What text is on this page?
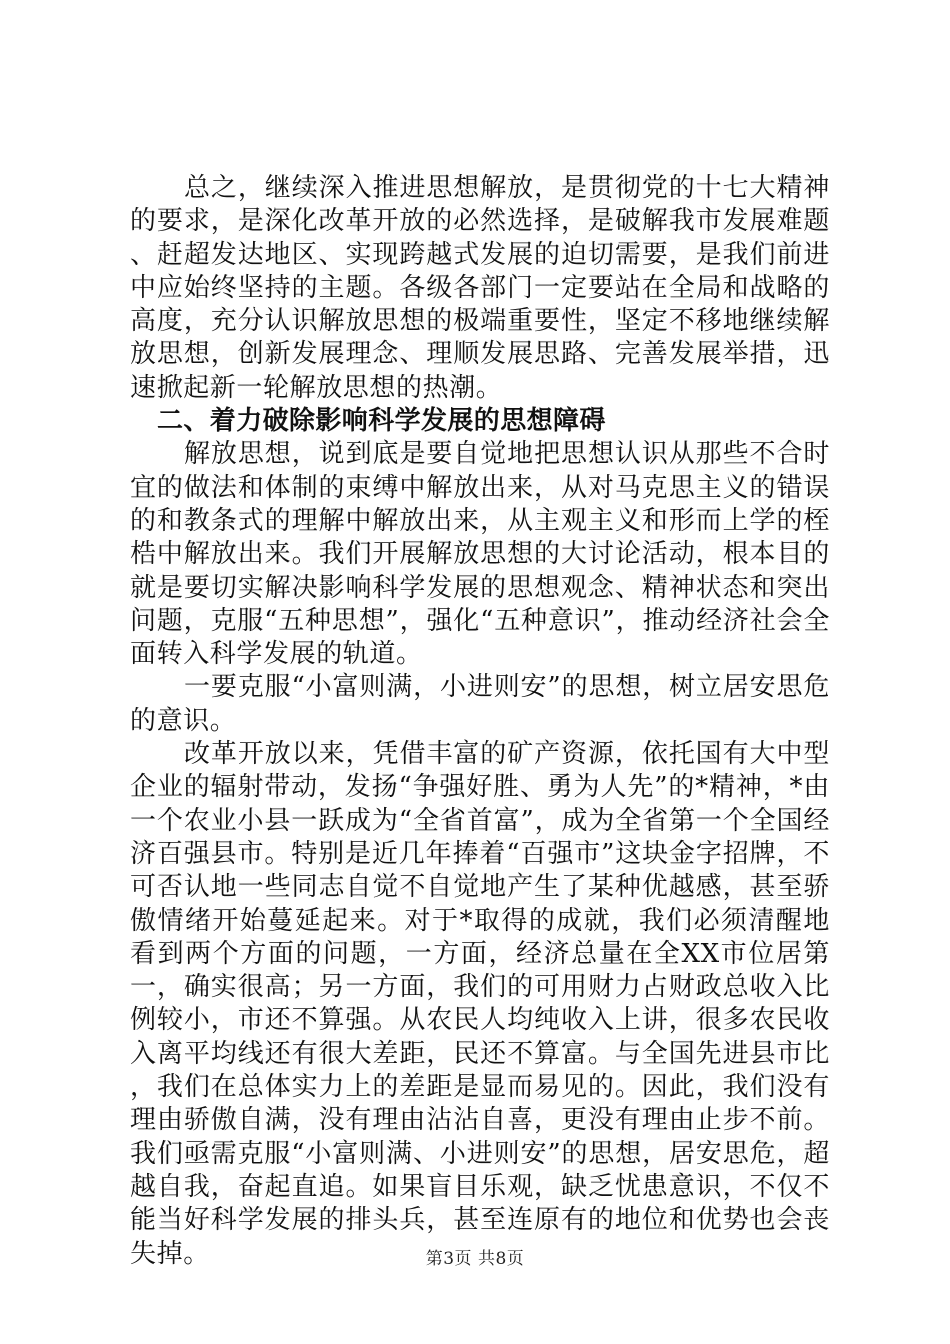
总之，继续深入推进思想解放，是贯彻党的十七大精神的要求，是深化改革开放的必然选择，是破解我市发展难题、赶超发达地区、实现跨越式发展的迫切需要，是我们前进中应始终坚持的主题。各级各部门一定要站在全局和战略的高度，充分认识解放思想的极端重要性，坚定不移地继续解放思想，创新发展理念、理顺发展思路、完善发展举措，迅速掀起新一轮解放思想的热潮。

二、着力破除影响科学发展的思想障碍

解放思想，说到底是要自觉地把思想认识从那些不合时宜的做法和体制的束缚中解放出来，从对马克思主义的错误的和教条式的理解中解放出来，从主观主义和形而上学的桎梏中解放出来。我们开展解放思想的大讨论活动，根本目的就是要切实解决影响科学发展的思想观念、精神状态和突出问题，克服“五种思想”，强化“五种意识”，推动经济社会全面转入科学发展的轨道。

一要克服“小富则满，小进则安”的思想，树立居安思危的意识。

改革开放以来，凭借丰富的矿产资源，依托国有大中型企业的辐射带动，发扬“争强好胜、勇为人先”的*精神，*由一个农业小县一跃成为“全省首富”，成为全省第一个全国经济百强县市。特别是近几年捧着“百强市”这块金字招牌，不可否认地一些同志自觉不自觉地产生了某种优越感，甚至骄傲情绪开始蔓延起来。对于*取得的成就，我们必须清醒地看到两个方面的问题，一方面，经济总量在全XX市位居第一，确实很高；另一方面，我们的可用财力占财政总收入比例较小，市还不算强。从农民人均纯收入上讲，很多农民收入离平均线还有很大差距，民还不算富。与全国先进县市比，我们在总体实力上的差距是显而易见的。因此，我们没有理由骄傲自满，没有理由沾沾自喜，更没有理由止步不前。我们亟需克服“小富则满、小进则安”的思想，居安思危，超越自我，奋起直追。如果盲目乐观，缺乏忧患意识，不仅不能当好科学发展的排头兵，甚至连原有的地位和优势也会丧失掉。	第3页 共8页
